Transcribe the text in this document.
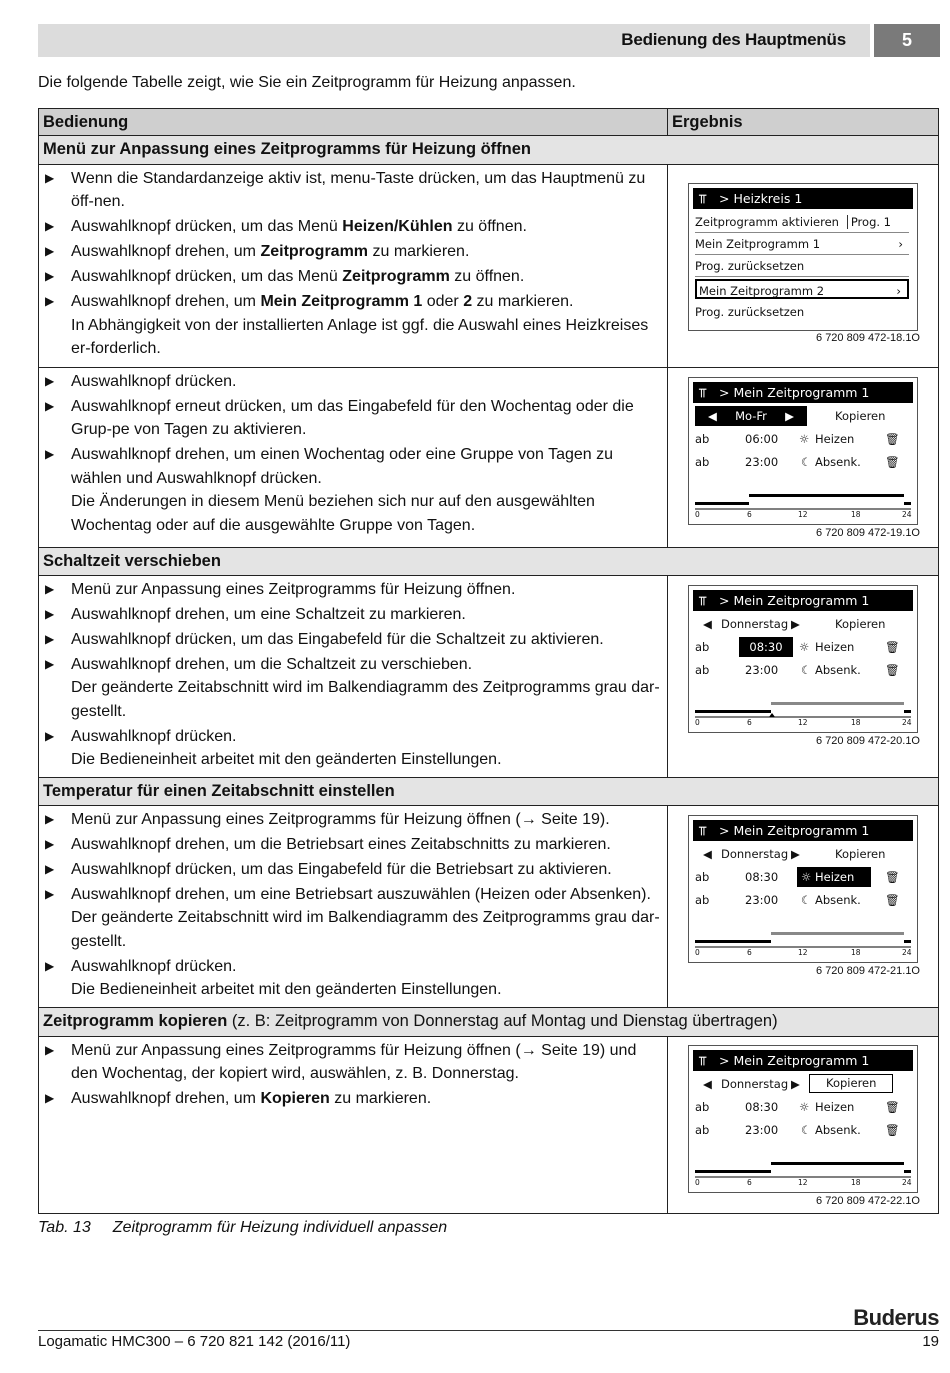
Bedienung des Hauptmenüs	5
Die folgende Tabelle zeigt, wie Sie ein Zeitprogramm für Heizung anpassen.
Bedienung	Ergebnis
Menü zur Anpassung eines Zeitprogramms für Heizung öffnen
▶ Wenn die Standardanzeige aktiv ist, menu-Taste drücken, um das Hauptmenü zu öff-nen.
▶ Auswahlknopf drücken, um das Menü Heizen/Kühlen zu öffnen.
▶ Auswahlknopf drehen, um Zeitprogramm zu markieren.
▶ Auswahlknopf drücken, um das Menü Zeitprogramm zu öffnen.
▶ Auswahlknopf drehen, um Mein Zeitprogramm 1 oder 2 zu markieren.
In Abhängigkeit von der installierten Anlage ist ggf. die Auswahl eines Heizkreises er-forderlich.
⫪ > Heizkreis 1
Zeitprogramm aktivieren Prog. 1
Mein Zeitprogramm 1	›
Prog. zurücksetzen
Mein Zeitprogramm 2	›
Prog. zurücksetzen
6 720 809 472-18.1O
▶ Auswahlknopf drücken.
▶ Auswahlknopf erneut drücken, um das Eingabefeld für den Wochentag oder die Grup-pe von Tagen zu aktivieren.
▶ Auswahlknopf drehen, um einen Wochentag oder eine Gruppe von Tagen zu wählen und Auswahlknopf drücken.
Die Änderungen in diesem Menü beziehen sich nur auf den ausgewählten Wochentag oder auf die ausgewählte Gruppe von Tagen.
⫪ > Mein Zeitprogramm 1
◀     Mo-Fr     ▶	Kopieren
ab	06:00 ☼ Heizen	🗑
ab	23:00 ☾ Absenk. 🗑
0	6	12	18	24
6 720 809 472-19.1O
Schaltzeit verschieben
▶ Menü zur Anpassung eines Zeitprogramms für Heizung öffnen.
▶ Auswahlknopf drehen, um eine Schaltzeit zu markieren.
▶ Auswahlknopf drücken, um das Eingabefeld für die Schaltzeit zu aktivieren.
▶ Auswahlknopf drehen, um die Schaltzeit zu verschieben.
Der geänderte Zeitabschnitt wird im Balkendiagramm des Zeitprogramms grau dar-gestellt.
▶ Auswahlknopf drücken.
Die Bedieneinheit arbeitet mit den geänderten Einstellungen.
⫪ > Mein Zeitprogramm 1
◀ Donnerstag ▶	Kopieren
ab	08:30	☼ Heizen	🗑
ab	23:00 ☾ Absenk. 🗑
0	6	12	18	24
6 720 809 472-20.1O
Temperatur für einen Zeitabschnitt einstellen
▶ Menü zur Anpassung eines Zeitprogramms für Heizung öffnen (→ Seite 19).
▶ Auswahlknopf drehen, um die Betriebsart eines Zeitabschnitts zu markieren.
▶ Auswahlknopf drücken, um das Eingabefeld für die Betriebsart zu aktivieren.
▶ Auswahlknopf drehen, um eine Betriebsart auszuwählen (Heizen oder Absenken).
Der geänderte Zeitabschnitt wird im Balkendiagramm des Zeitprogramms grau dar-gestellt.
▶ Auswahlknopf drücken.
Die Bedieneinheit arbeitet mit den geänderten Einstellungen.
⫪ > Mein Zeitprogramm 1
◀ Donnerstag ▶	Kopieren
ab	08:30	☼ Heizen	🗑
ab	23:00 ☾ Absenk. 🗑
0	6	12	18	24
6 720 809 472-21.1O
Zeitprogramm kopieren (z. B: Zeitprogramm von Donnerstag auf Montag und Dienstag übertragen)
▶ Menü zur Anpassung eines Zeitprogramms für Heizung öffnen (→ Seite 19) und den Wochentag, der kopiert wird, auswählen, z. B. Donnerstag.
▶ Auswahlknopf drehen, um Kopieren zu markieren.
⫪ > Mein Zeitprogramm 1
◀ Donnerstag ▶	Kopieren
ab	08:30 ☼ Heizen	🗑
ab	23:00 ☾ Absenk. 🗑
0	6	12	18	24
6 720 809 472-22.1O
Tab. 13 Zeitprogramm für Heizung individuell anpassen
Buderus
Logamatic HMC300 – 6 720 821 142 (2016/11)	19
